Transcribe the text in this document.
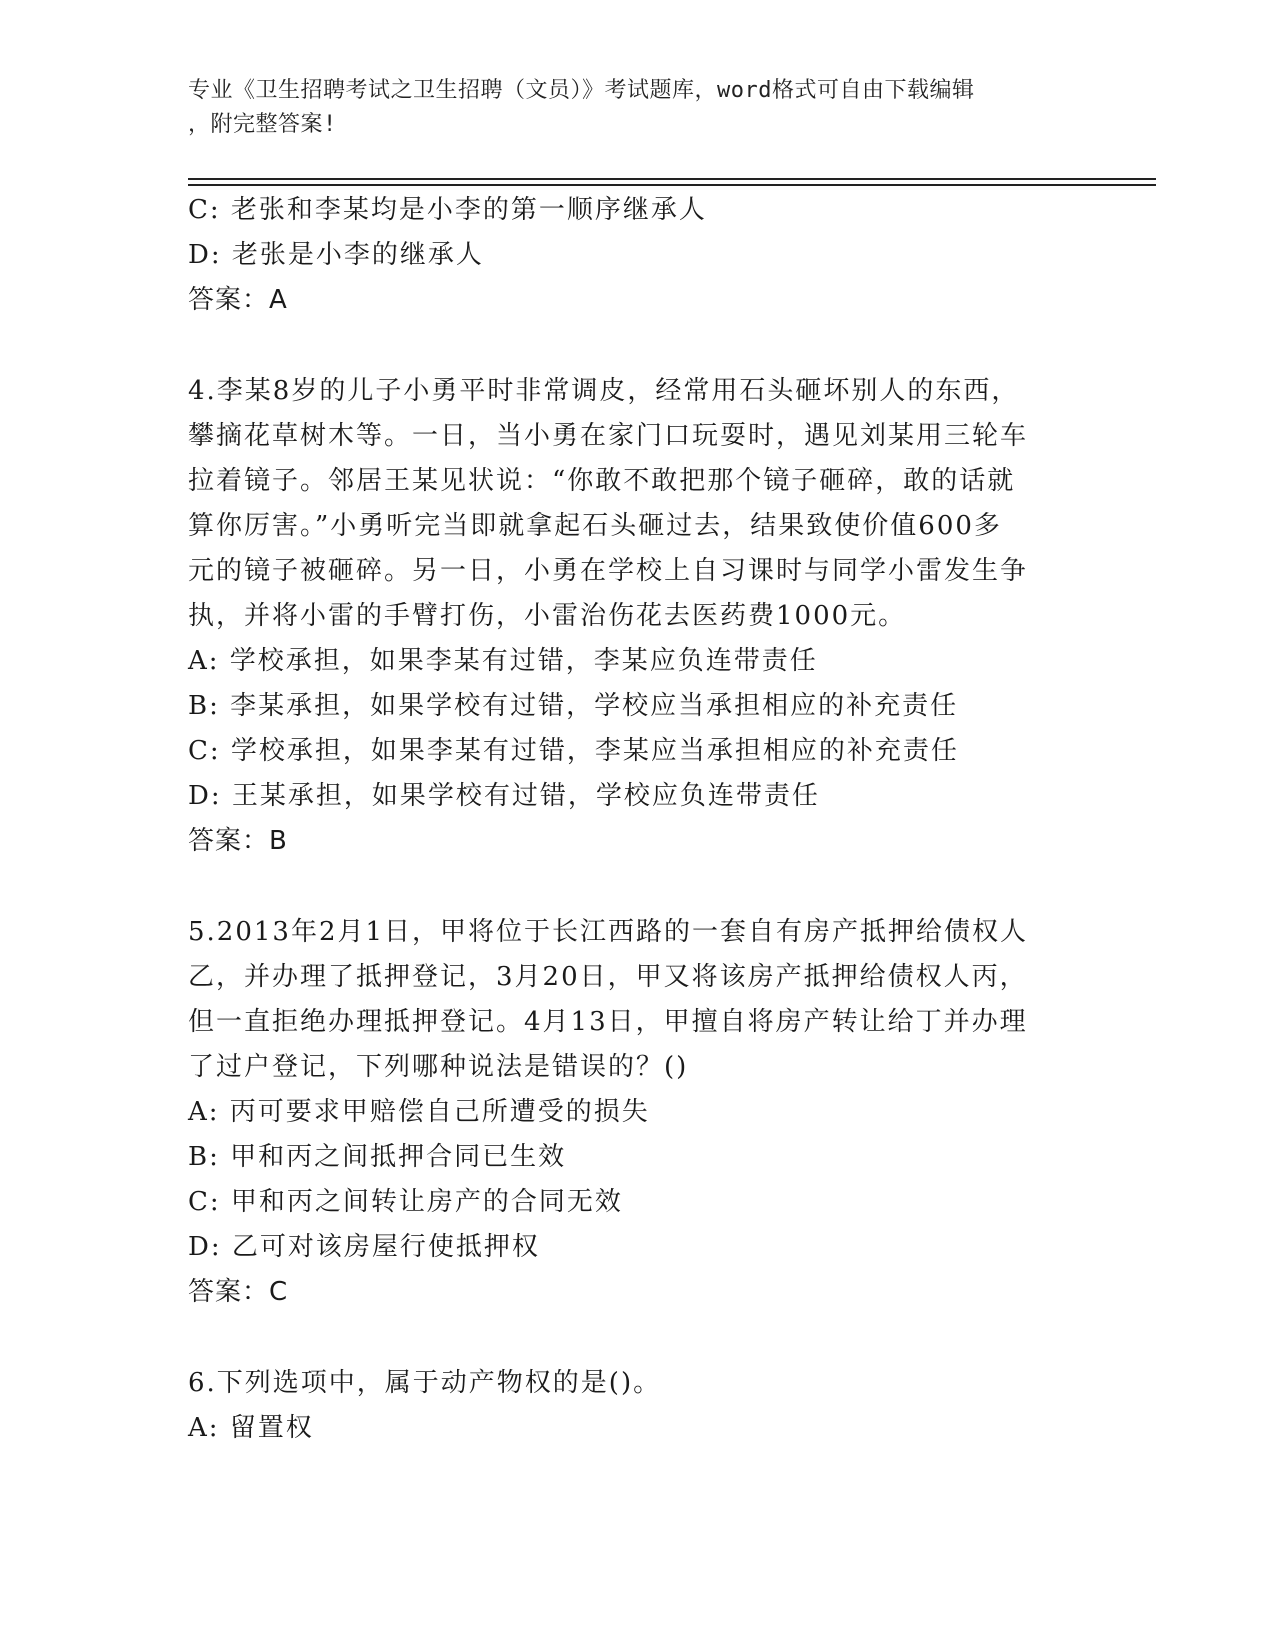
专业《卫生招聘考试之卫生招聘（文员）》考试题库，word格式可自由下载编辑
，附完整答案!
C: 老张和李某均是小李的第一顺序继承人
D: 老张是小李的继承人
答案：A
4.李某8岁的儿子小勇平时非常调皮，经常用石头砸坏别人的东西，
攀摘花草树木等。一日，当小勇在家门口玩耍时，遇见刘某用三轮车
拉着镜子。邻居王某见状说：“你敢不敢把那个镜子砸碎，敢的话就
算你厉害。”小勇听完当即就拿起石头砸过去，结果致使价值600多
元的镜子被砸碎。另一日，小勇在学校上自习课时与同学小雷发生争
执，并将小雷的手臂打伤，小雷治伤花去医药费1000元。
A: 学校承担，如果李某有过错，李某应负连带责任
B: 李某承担，如果学校有过错，学校应当承担相应的补充责任
C: 学校承担，如果李某有过错，李某应当承担相应的补充责任
D: 王某承担，如果学校有过错，学校应负连带责任
答案：B
5.2013年2月1日，甲将位于长江西路的一套自有房产抵押给债权人
乙，并办理了抵押登记，3月20日，甲又将该房产抵押给债权人丙，
但一直拒绝办理抵押登记。4月13日，甲擅自将房产转让给丁并办理
了过户登记，下列哪种说法是错误的？()
A: 丙可要求甲赔偿自己所遭受的损失
B: 甲和丙之间抵押合同已生效
C: 甲和丙之间转让房产的合同无效
D: 乙可对该房屋行使抵押权
答案：C
6.下列选项中，属于动产物权的是()。
A: 留置权
